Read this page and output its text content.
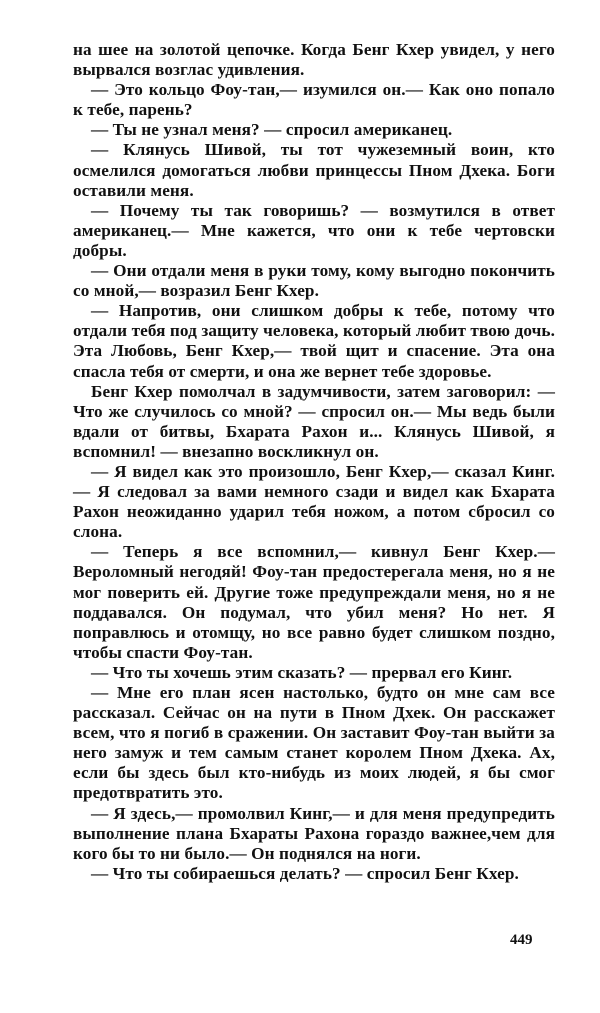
на шее на золотой цепочке. Когда Бенг Кхер увидел, у него вырвался возглас удивления.

— Это кольцо Фоу-тан,— изумился он.— Как оно попало к тебе, парень?

— Ты не узнал меня? — спросил американец.

— Клянусь Шивой, ты тот чужеземный воин, кто осмелился домогаться любви принцессы Пном Дхека. Боги оставили меня.

— Почему ты так говоришь? — возмутился в ответ американец.— Мне кажется, что они к тебе чертовски добры.

— Они отдали меня в руки тому, кому выгодно покончить со мной,— возразил Бенг Кхер.

— Напротив, они слишком добры к тебе, потому что отдали тебя под защиту человека, который любит твою дочь. Эта Любовь, Бенг Кхер,— твой щит и спасение. Эта она спасла тебя от смерти, и она же вернет тебе здоровье.

Бенг Кхер помолчал в задумчивости, затем заговорил: — Что же случилось со мной? — спросил он.— Мы ведь были вдали от битвы, Бхарата Рахон и... Клянусь Шивой, я вспомнил! — внезапно воскликнул он.

— Я видел как это произошло, Бенг Кхер,— сказал Кинг.— Я следовал за вами немного сзади и видел как Бхарата Рахон неожиданно ударил тебя ножом, а потом сбросил со слона.

— Теперь я все вспомнил,— кивнул Бенг Кхер.— Вероломный негодяй! Фоу-тан предостерегала меня, но я не мог поверить ей. Другие тоже предупреждали меня, но я не поддавался. Он подумал, что убил меня? Но нет. Я поправлюсь и отомщу, но все равно будет слишком поздно, чтобы спасти Фоу-тан.

— Что ты хочешь этим сказать? — прервал его Кинг.

— Мне его план ясен настолько, будто он мне сам все рассказал. Сейчас он на пути в Пном Дхек. Он расскажет всем, что я погиб в сражении. Он заставит Фоу-тан выйти за него замуж и тем самым станет королем Пном Дхека. Ах, если бы здесь был кто-нибудь из моих людей, я бы смог предотвратить это.

— Я здесь,— промолвил Кинг,— и для меня предупредить выполнение плана Бхараты Рахона гораздо важнее,чем для кого бы то ни было.— Он поднялся на ноги.

— Что ты собираешься делать? — спросил Бенг Кхер.

449
